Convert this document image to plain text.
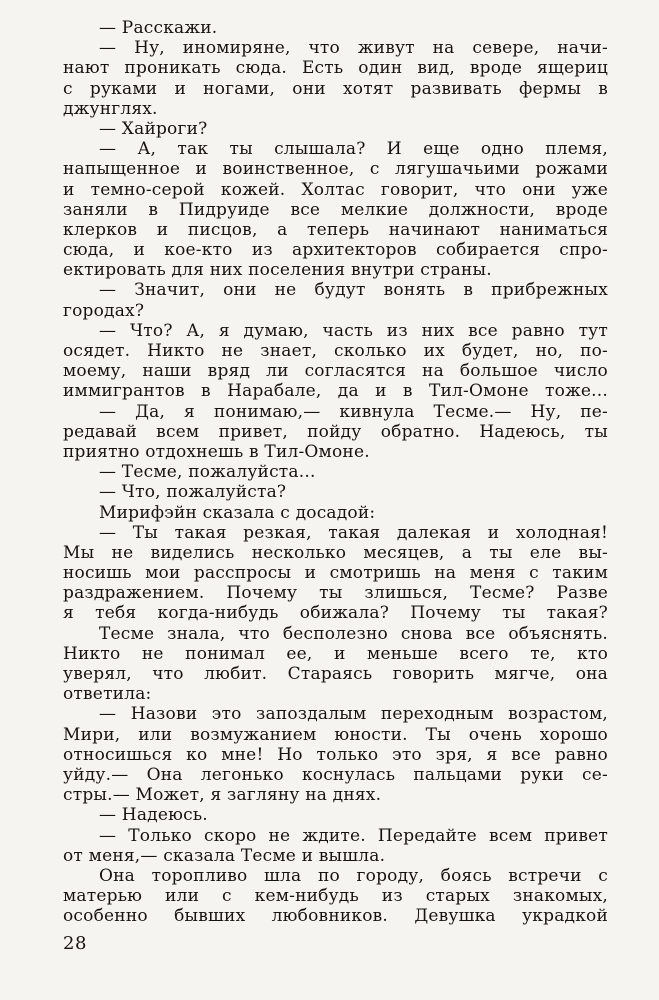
— Расскажи.
— Ну, иномиряне, что живут на севере, начи-
нают проникать сюда. Есть один вид, вроде ящериц
с руками и ногами, они хотят развивать фермы в
джунглях.
— Хайроги?
— А, так ты слышала? И еще одно племя,
напыщенное и воинственное, с лягушачьими рожами
и темно-серой кожей. Холтас говорит, что они уже
заняли в Пидруиде все мелкие должности, вроде
клерков и писцов, а теперь начинают наниматься
сюда, и кое-кто из архитекторов собирается спро-
ектировать для них поселения внутри страны.
— Значит, они не будут вонять в прибрежных
городах?
— Что? А, я думаю, часть из них все равно тут
осядет. Никто не знает, сколько их будет, но, по-
моему, наши вряд ли согласятся на большое число
иммигрантов в Нарабале, да и в Тил-Омоне тоже...
— Да, я понимаю,— кивнула Тесме.— Ну, пе-
редавай всем привет, пойду обратно. Надеюсь, ты
приятно отдохнешь в Тил-Омоне.
— Тесме, пожалуйста...
— Что, пожалуйста?
Мирифэйн сказала с досадой:
— Ты такая резкая, такая далекая и холодная!
Мы не виделись несколько месяцев, а ты еле вы-
носишь мои расспросы и смотришь на меня с таким
раздражением. Почему ты злишься, Тесме? Разве
я тебя когда-нибудь обижала? Почему ты такая?
Тесме знала, что бесполезно снова все объяснять.
Никто не понимал ее, и меньше всего те, кто
уверял, что любит. Стараясь говорить мягче, она
ответила:
— Назови это запоздалым переходным возрастом,
Мири, или возмужанием юности. Ты очень хорошо
относишься ко мне! Но только это зря, я все равно
уйду.— Она легонько коснулась пальцами руки се-
стры.— Может, я загляну на днях.
— Надеюсь.
— Только скоро не ждите. Передайте всем привет
от меня,— сказала Тесме и вышла.
Она торопливо шла по городу, боясь встречи с
матерью или с кем-нибудь из старых знакомых,
особенно бывших любовников. Девушка украдкой
28
